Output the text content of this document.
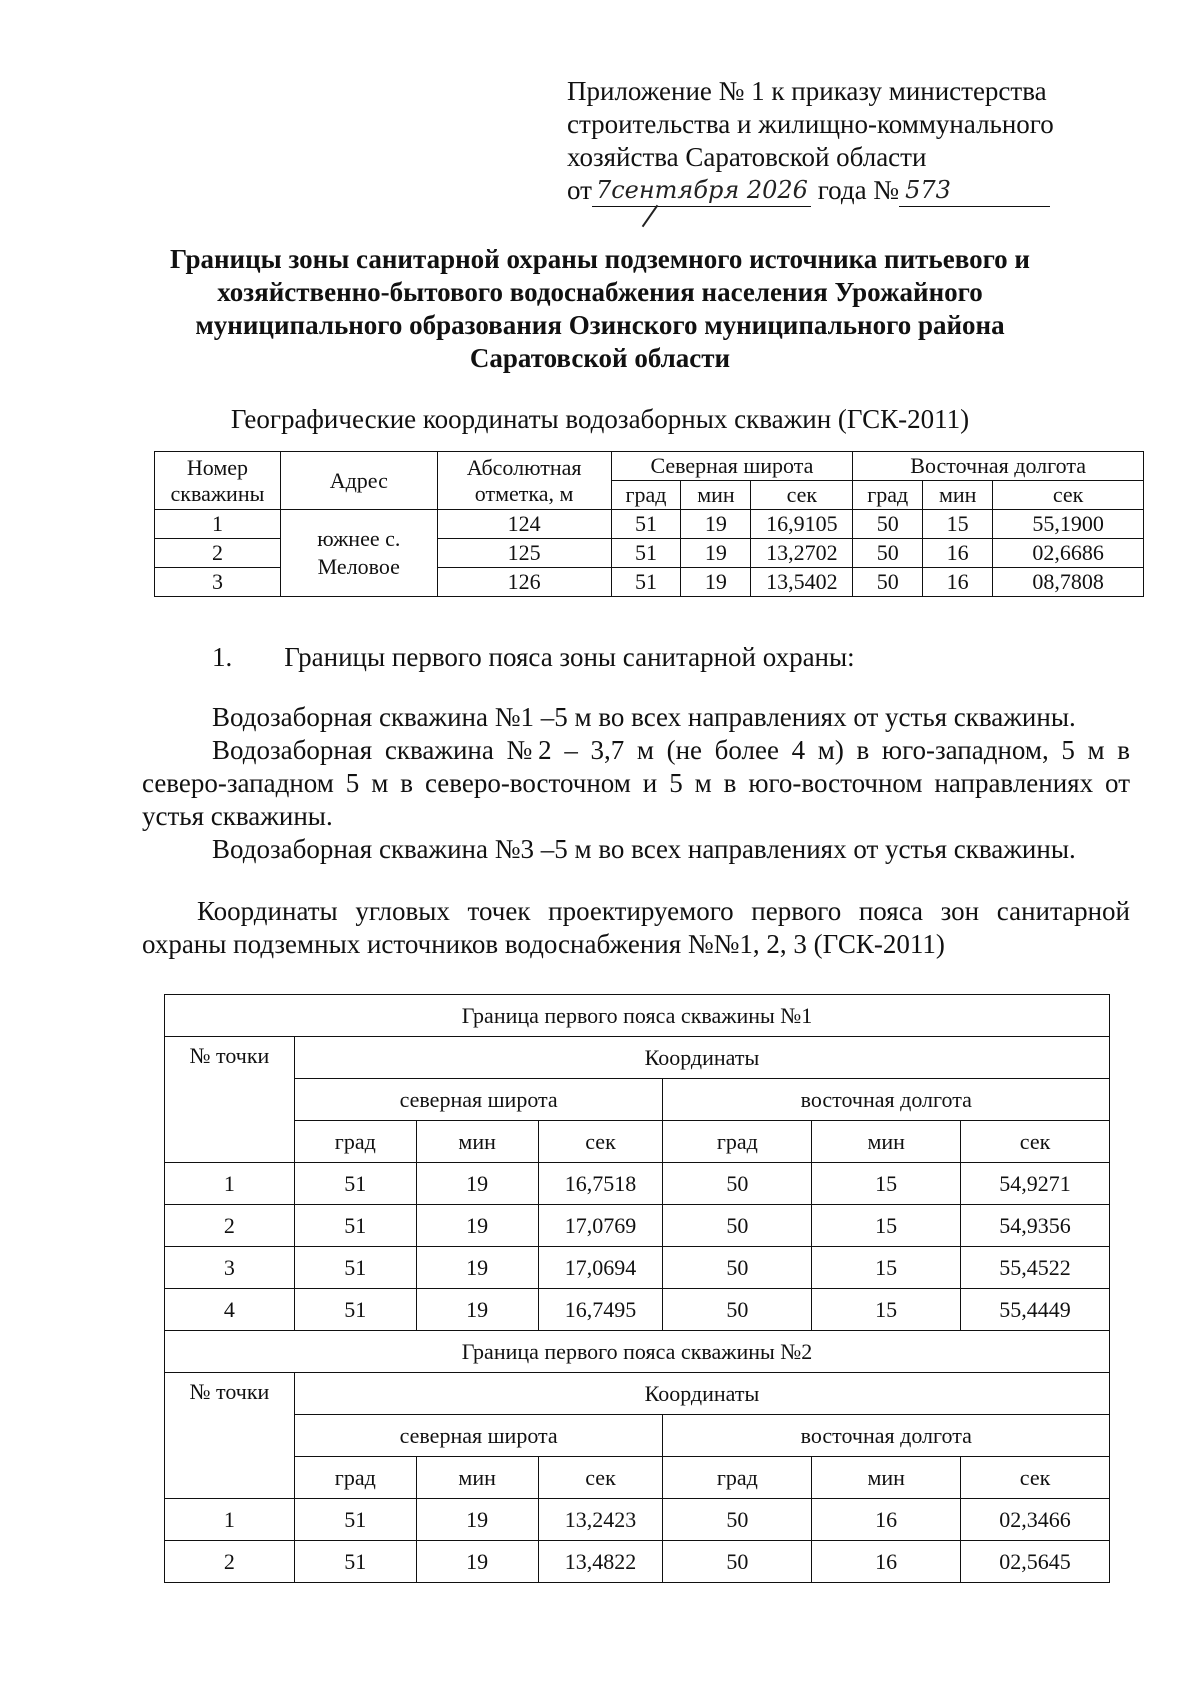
Приложение № 1 к приказу министерства
строительства и жилищно-коммунального
хозяйства Саратовской области
от 7сентября 2026 года № 573
Границы зоны санитарной охраны подземного источника питьевого и
хозяйственно-бытового водоснабжения населения Урожайного
муниципального образования Озинского муниципального района
Саратовской области
Географические координаты водозаборных скважин (ГСК-2011)
Номер скважины	Адрес	Абсолютная отметка, м	Северная широта			Восточная долгота		
			град	мин	сек	град	мин	сек
1	южнее с. Меловое	124	51	19	16,9105	50	15	55,1900
2		125	51	19	13,2702	50	16	02,6686
3		126	51	19	13,5402	50	16	08,7808
1. Границы первого пояса зоны санитарной охраны:
Водозаборная скважина №1 –5 м во всех направлениях от устья скважины.
Водозаборная скважина №2 – 3,7 м (не более 4 м) в юго-западном, 5 м в северо-западном 5 м в северо-восточном и 5 м в юго-восточном направлениях от устья скважины.
Водозаборная скважина №3 –5 м во всех направлениях от устья скважины.
Координаты угловых точек проектируемого первого пояса зон санитарной охраны подземных источников водоснабжения №№1, 2, 3 (ГСК-2011)
Граница первого пояса скважины №1						
№ точки	Координаты					
	северная широта			восточная долгота		
	град	мин	сек	град	мин	сек
1	51	19	16,7518	50	15	54,9271
2	51	19	17,0769	50	15	54,9356
3	51	19	17,0694	50	15	55,4522
4	51	19	16,7495	50	15	55,4449
Граница первого пояса скважины №2						
№ точки	Координаты					
	северная широта			восточная долгота		
	град	мин	сек	град	мин	сек
1	51	19	13,2423	50	16	02,3466
2	51	19	13,4822	50	16	02,5645
